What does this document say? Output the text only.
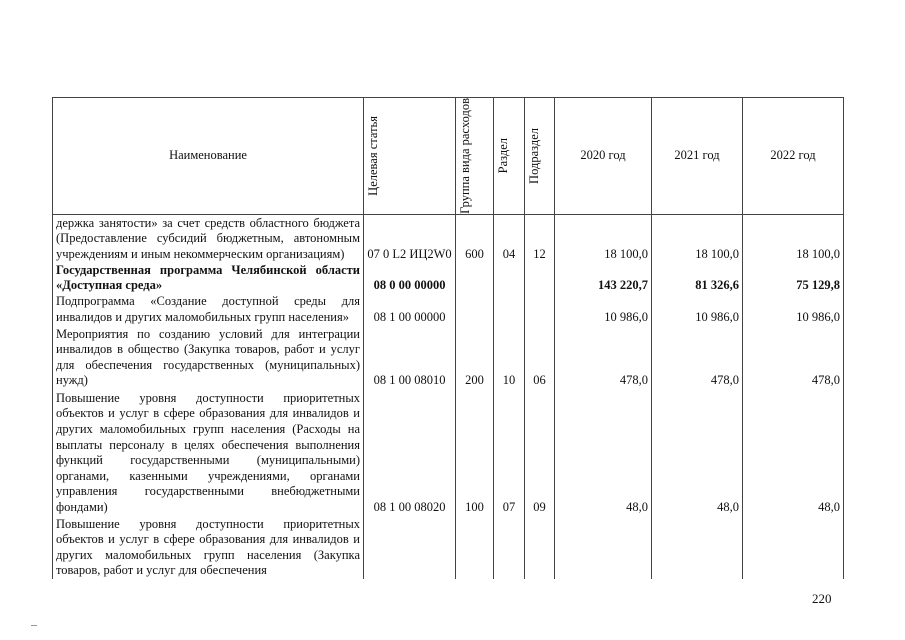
Наименование	Целевая статья	Группа вида расходов	Раздел	Подраздел	2020 год	2021 год	2022 год
держка занятости» за счет средств областного бюджета (Предоставление субсидий бюджетным, автономным учреждениям и иным некоммерческим организациям)	07 0 L2 ИЦ2W0	600	04	12	18 100,0	18 100,0	18 100,0
Государственная программа Челябинской области «Доступная среда»	08 0 00 00000				143 220,7	81 326,6	75 129,8
Подпрограмма «Создание доступной среды для инвалидов и других маломобильных групп населения»	08 1 00 00000				10 986,0	10 986,0	10 986,0
Мероприятия по созданию условий для интеграции инвалидов в общество (Закупка товаров, работ и услуг для обеспечения государственных (муниципальных) нужд)	08 1 00 08010	200	10	06	478,0	478,0	478,0
Повышение уровня доступности приоритетных объектов и услуг в сфере образования для инвалидов и других маломобильных групп населения (Расходы на выплаты персоналу в целях обеспечения выполнения функций государственными (муниципальными) органами, казенными учреждениями, органами управления государственными внебюджетными фондами)	08 1 00 08020	100	07	09	48,0	48,0	48,0
Повышение уровня доступности приоритетных объектов и услуг в сфере образования для инвалидов и других маломобильных групп населения (Закупка товаров, работ и услуг для обеспечения							
220
